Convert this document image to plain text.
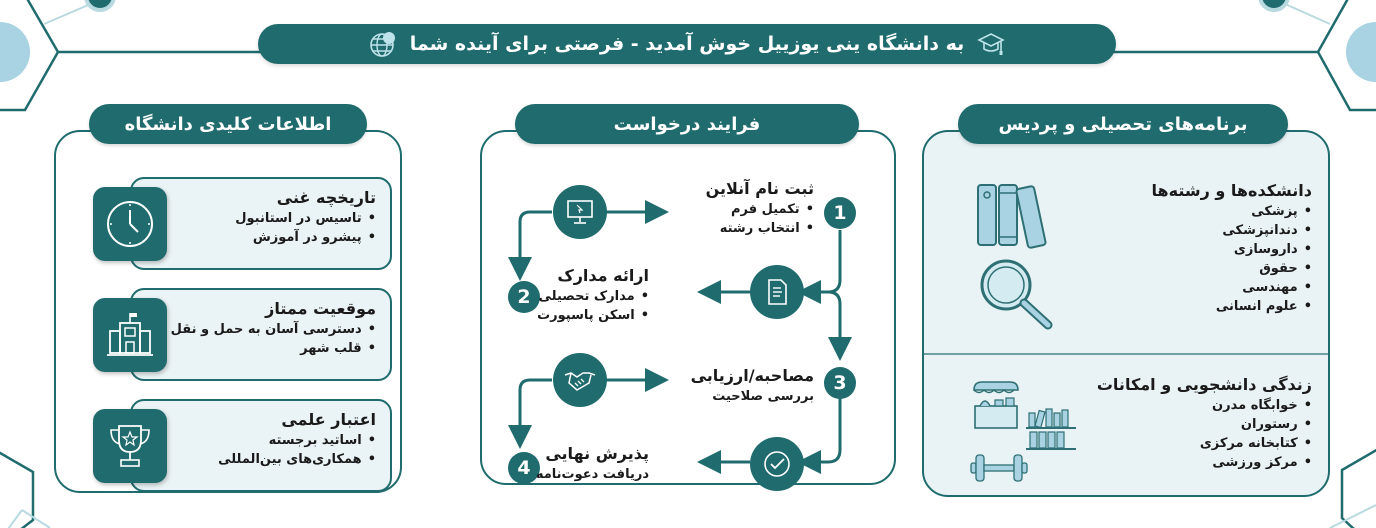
به دانشگاه ینی یوزییل خوش آمدید - فرصتی برای آینده شما
اطلاعات کلیدی دانشگاه
تاریخچه غنی
• تاسیس در استانبول
• پیشرو در آموزش
موقعیت ممتاز
• دسترسی آسان به حمل و نقل
• قلب شهر
اعتبار علمی
• اساتید برجسته
• همکاری‌های بین‌المللی
فرایند درخواست
1
ثبت نام آنلاین
• تکمیل فرم
• انتخاب رشته
2
ارائه مدارک
• مدارک تحصیلی
• اسکن پاسپورت
3
مصاحبه/ارزیابی
بررسی صلاحیت
4
پذیرش نهایی
دریافت دعوت‌نامه
برنامه‌های تحصیلی و پردیس
دانشکده‌ها و رشته‌ها
• پزشکی
• دندانپزشکی
• داروسازی
• حقوق
• مهندسی
• علوم انسانی
زندگی دانشجویی و امکانات
• خوابگاه مدرن
• رستوران
• کتابخانه مرکزی
• مرکز ورزشی
